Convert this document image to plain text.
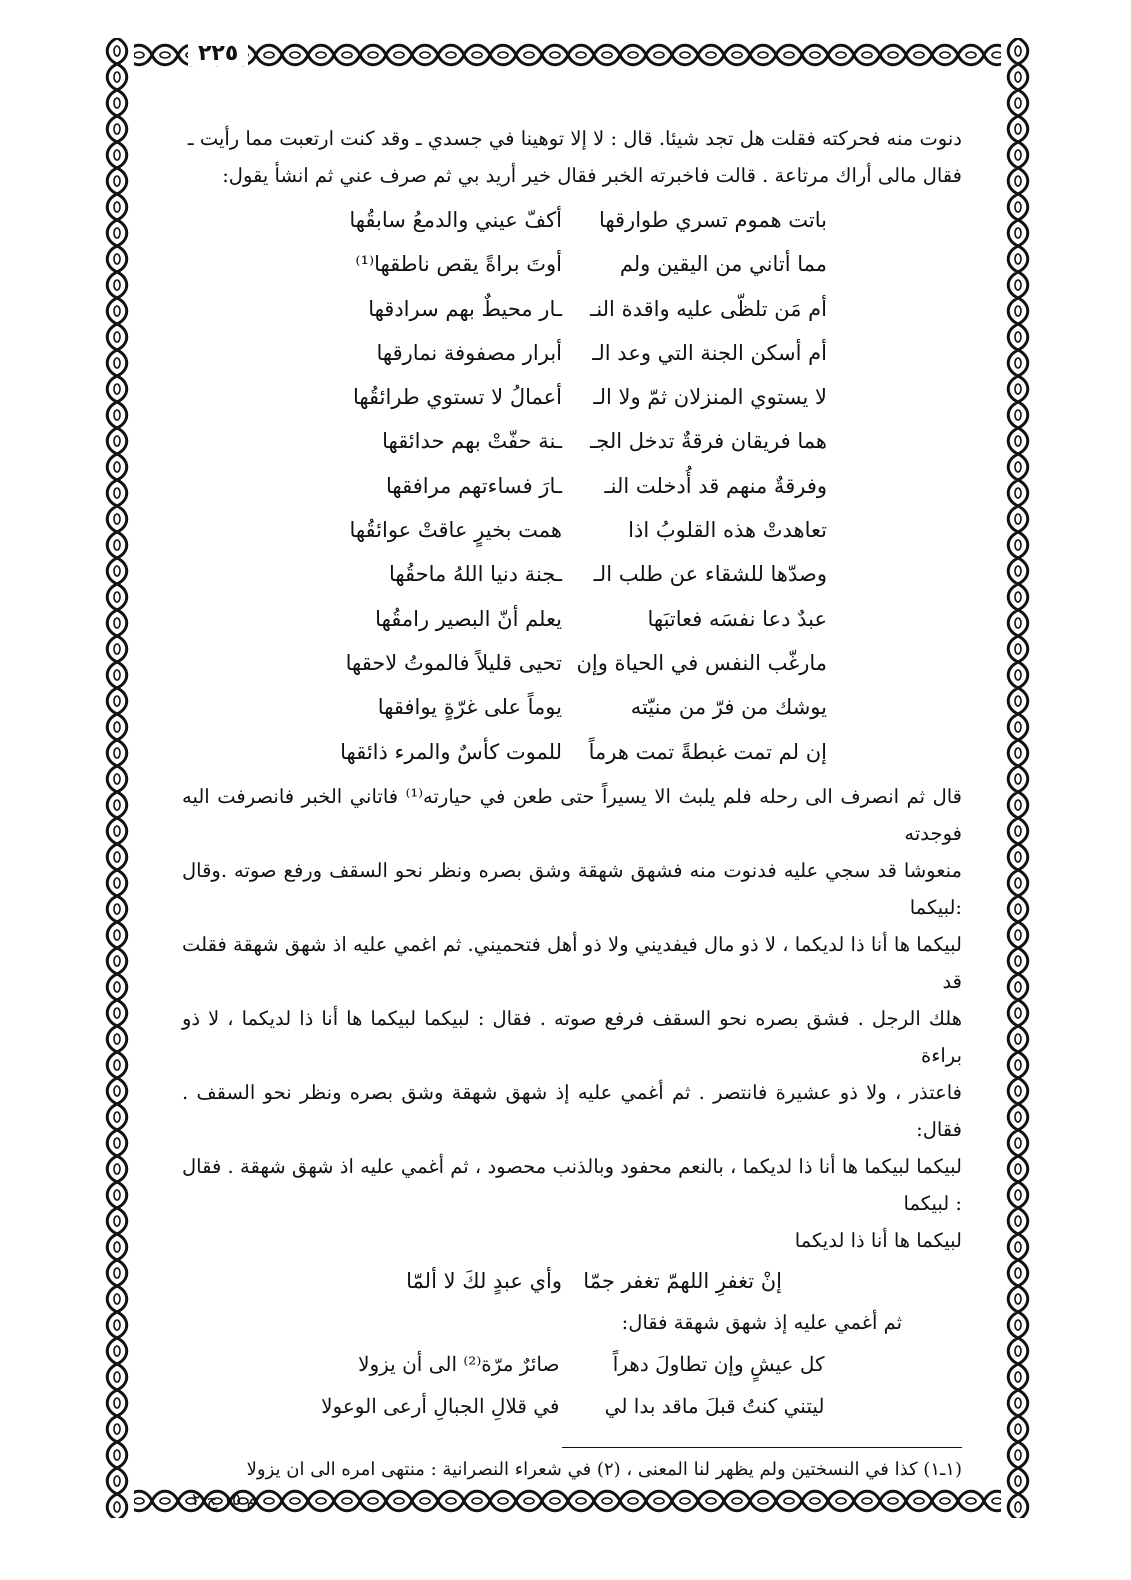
٢٢٥

دنوت منه فحركته فقلت هل تجد شيئا. قال : لا إلا توهينا في جسدي ـ وقد كنت ارتعبت مما رأيت ـ

فقال مالى أراك مرتاعة . قالت فاخبرته الخبر فقال خير أريد بي ثم صرف عني ثم انشأ يقول:

باتت هموم تسري طوارقها
أكفّ عيني والدمعُ سابقُها
مما أتاني من اليقين ولم
أوتَ براةً يقص ناطقها⁽¹⁾
أم مَن تلظّى عليه واقدة النـ
ـار محيطٌ بهم سرادقها
أم أسكن الجنة التي وعد الـ
أبرار مصفوفة نمارقها
لا يستوي المنزلان ثمّ ولا الـ
أعمالُ لا تستوي طرائقُها
هما فريقان فرقةٌ تدخل الجـ
ـنة حفّتْ بهم حدائقها
وفرقةٌ منهم قد أُدخلت النـ
ـارَ فساءتهم مرافقها
تعاهدتْ هذه القلوبُ اذا
همت بخيرٍ عاقتْ عوائقُها
وصدّها للشقاء عن طلب الـ
ـجنة دنيا اللهُ ماحقُها
عبدٌ دعا نفسَه فعاتبَها
يعلم أنّ البصير رامقُها
مارغّب النفس في الحياة وإن
تحيى قليلاً فالموتُ لاحقها
يوشك من فرّ من منيّته
يوماً على غرّةٍ يوافقها
إن لم تمت غبطةً تمت هرماً
للموت كأسٌ والمرء ذائقها

قال ثم انصرف الى رحله فلم يلبث الا يسيراً حتى طعن في حيارته⁽¹⁾ فاتاني الخبر فانصرفت اليه فوجدته

منعوشا قد سجي عليه فدنوت منه فشهق شهقة وشق بصره ونظر نحو السقف ورفع صوته .وقال :لبيكما

لبيكما ها أنا ذا لديكما ، لا ذو مال فيفديني ولا ذو أهل فتحميني. ثم اغمي عليه اذ شهق شهقة فقلت قد

هلك الرجل . فشق بصره نحو السقف فرفع صوته . فقال : لبيكما لبيكما ها أنا ذا لديكما ، لا ذو براءة

فاعتذر ، ولا ذو عشيرة فانتصر . ثم أغمي عليه إذ شهق شهقة وشق بصره ونظر نحو السقف . فقال:

لبيكما لبيكما ها أنا ذا لديكما ، بالنعم محفود وبالذنب محصود ، ثم أغمي عليه اذ شهق شهقة . فقال : لبيكما

لبيكما ها أنا ذا لديكما

إنْ تغفرِ اللهمّ تغفر جمّا
وأي عبدٍ لكَ لا ألمّا

ثم أغمي عليه إذ شهق شهقة فقال:

كل عيشٍ وإن تطاولَ دهراً
صائرٌ مرّة⁽²⁾ الى أن يزولا
ليتني كنتُ قبلَ ماقد بدا لي
في قلالِ الجبالِ أرعى الوعولا

(١ـ١) كذا في النسختين ولم يظهر لنا المعنى ، (٢) في شعراء النصرانية : منتهى امره الى ان يزولا

م ١٥ ج ٢
